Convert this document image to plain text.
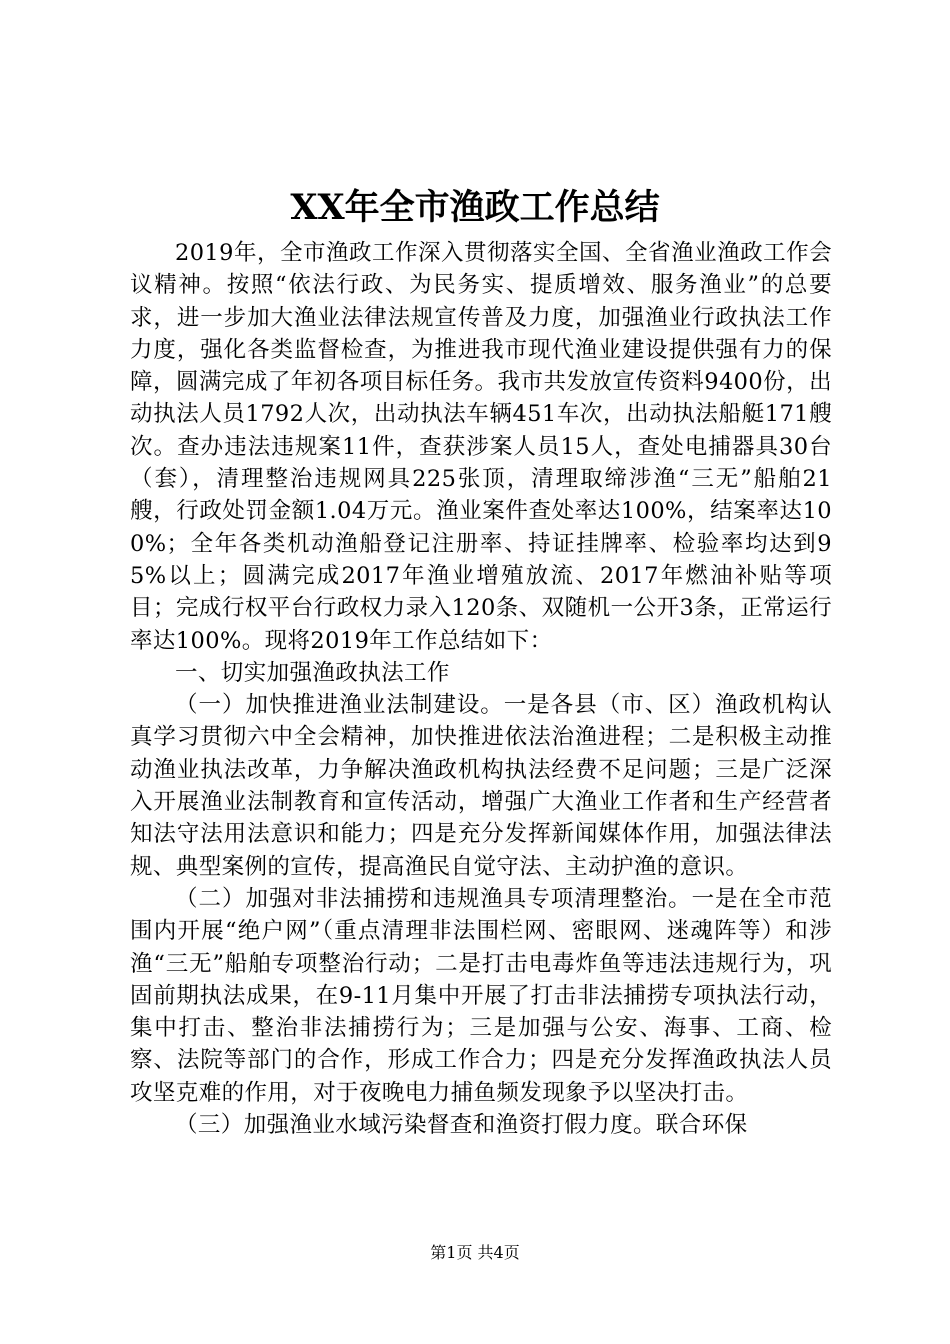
XX年全市渔政工作总结

2019年，全市渔政工作深入贯彻落实全国、全省渔业渔政工作会议精神。按照“依法行政、为民务实、提质增效、服务渔业”的总要求，进一步加大渔业法律法规宣传普及力度，加强渔业行政执法工作力度，强化各类监督检查，为推进我市现代渔业建设提供强有力的保障，圆满完成了年初各项目标任务。我市共发放宣传资料9400份，出动执法人员1792人次，出动执法车辆451车次，出动执法船艇171艘次。查办违法违规案11件，查获涉案人员15人，查处电捕器具30台（套），清理整治违规网具225张顶，清理取缔涉渔“三无”船舶21艘，行政处罚金额1.04万元。渔业案件查处率达100%，结案率达100%；全年各类机动渔船登记注册率、持证挂牌率、检验率均达到95%以上；圆满完成2017年渔业增殖放流、2017年燃油补贴等项目；完成行权平台行政权力录入120条、双随机一公开3条，正常运行率达100%。现将2019年工作总结如下：

一、切实加强渔政执法工作

（一）加快推进渔业法制建设。一是各县（市、区）渔政机构认真学习贯彻六中全会精神，加快推进依法治渔进程；二是积极主动推动渔业执法改革，力争解决渔政机构执法经费不足问题；三是广泛深入开展渔业法制教育和宣传活动，增强广大渔业工作者和生产经营者知法守法用法意识和能力；四是充分发挥新闻媒体作用，加强法律法规、典型案例的宣传，提高渔民自觉守法、主动护渔的意识。

（二）加强对非法捕捞和违规渔具专项清理整治。一是在全市范围内开展“绝户网”（重点清理非法围栏网、密眼网、迷魂阵等）和涉渔“三无”船舶专项整治行动；二是打击电毒炸鱼等违法违规行为，巩固前期执法成果，在9-11月集中开展了打击非法捕捞专项执法行动，集中打击、整治非法捕捞行为；三是加强与公安、海事、工商、检察、法院等部门的合作，形成工作合力；四是充分发挥渔政执法人员攻坚克难的作用，对于夜晚电力捕鱼频发现象予以坚决打击。

（三）加强渔业水域污染督查和渔资打假力度。联合环保

第1页 共4页
